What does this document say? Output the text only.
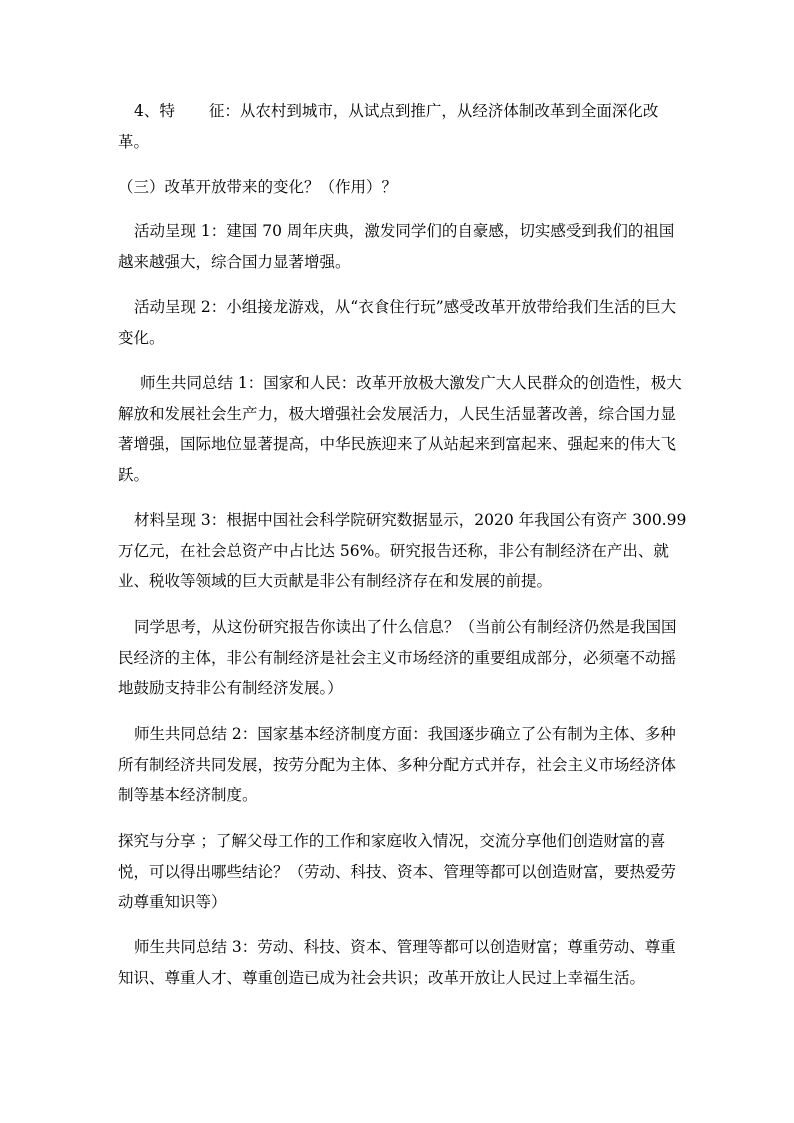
4、特 征：从农村到城市，从试点到推广，从经济体制改革到全面深化改革。

（三）改革开放带来的变化？（作用）？

活动呈现 1：建国 70 周年庆典，激发同学们的自豪感，切实感受到我们的祖国越来越强大，综合国力显著增强。

活动呈现 2：小组接龙游戏，从“衣食住行玩”感受改革开放带给我们生活的巨大变化。

师生共同总结 1：国家和人民：改革开放极大激发广大人民群众的创造性，极大解放和发展社会生产力，极大增强社会发展活力，人民生活显著改善，综合国力显著增强，国际地位显著提高，中华民族迎来了从站起来到富起来、强起来的伟大飞跃。

材料呈现 3：根据中国社会科学院研究数据显示，2020 年我国公有资产 300.99 万亿元，在社会总资产中占比达 56%。研究报告还称，非公有制经济在产出、就业、税收等领域的巨大贡献是非公有制经济存在和发展的前提。

同学思考，从这份研究报告你读出了什么信息？（当前公有制经济仍然是我国国民经济的主体，非公有制经济是社会主义市场经济的重要组成部分，必须毫不动摇地鼓励支持非公有制经济发展。）

师生共同总结 2：国家基本经济制度方面：我国逐步确立了公有制为主体、多种所有制经济共同发展，按劳分配为主体、多种分配方式并存，社会主义市场经济体制等基本经济制度。

探究与分享 ；了解父母工作的工作和家庭收入情况，交流分享他们创造财富的喜悦，可以得出哪些结论？（劳动、科技、资本、管理等都可以创造财富，要热爱劳动尊重知识等）

师生共同总结 3：劳动、科技、资本、管理等都可以创造财富；尊重劳动、尊重知识、尊重人才、尊重创造已成为社会共识；改革开放让人民过上幸福生活。
